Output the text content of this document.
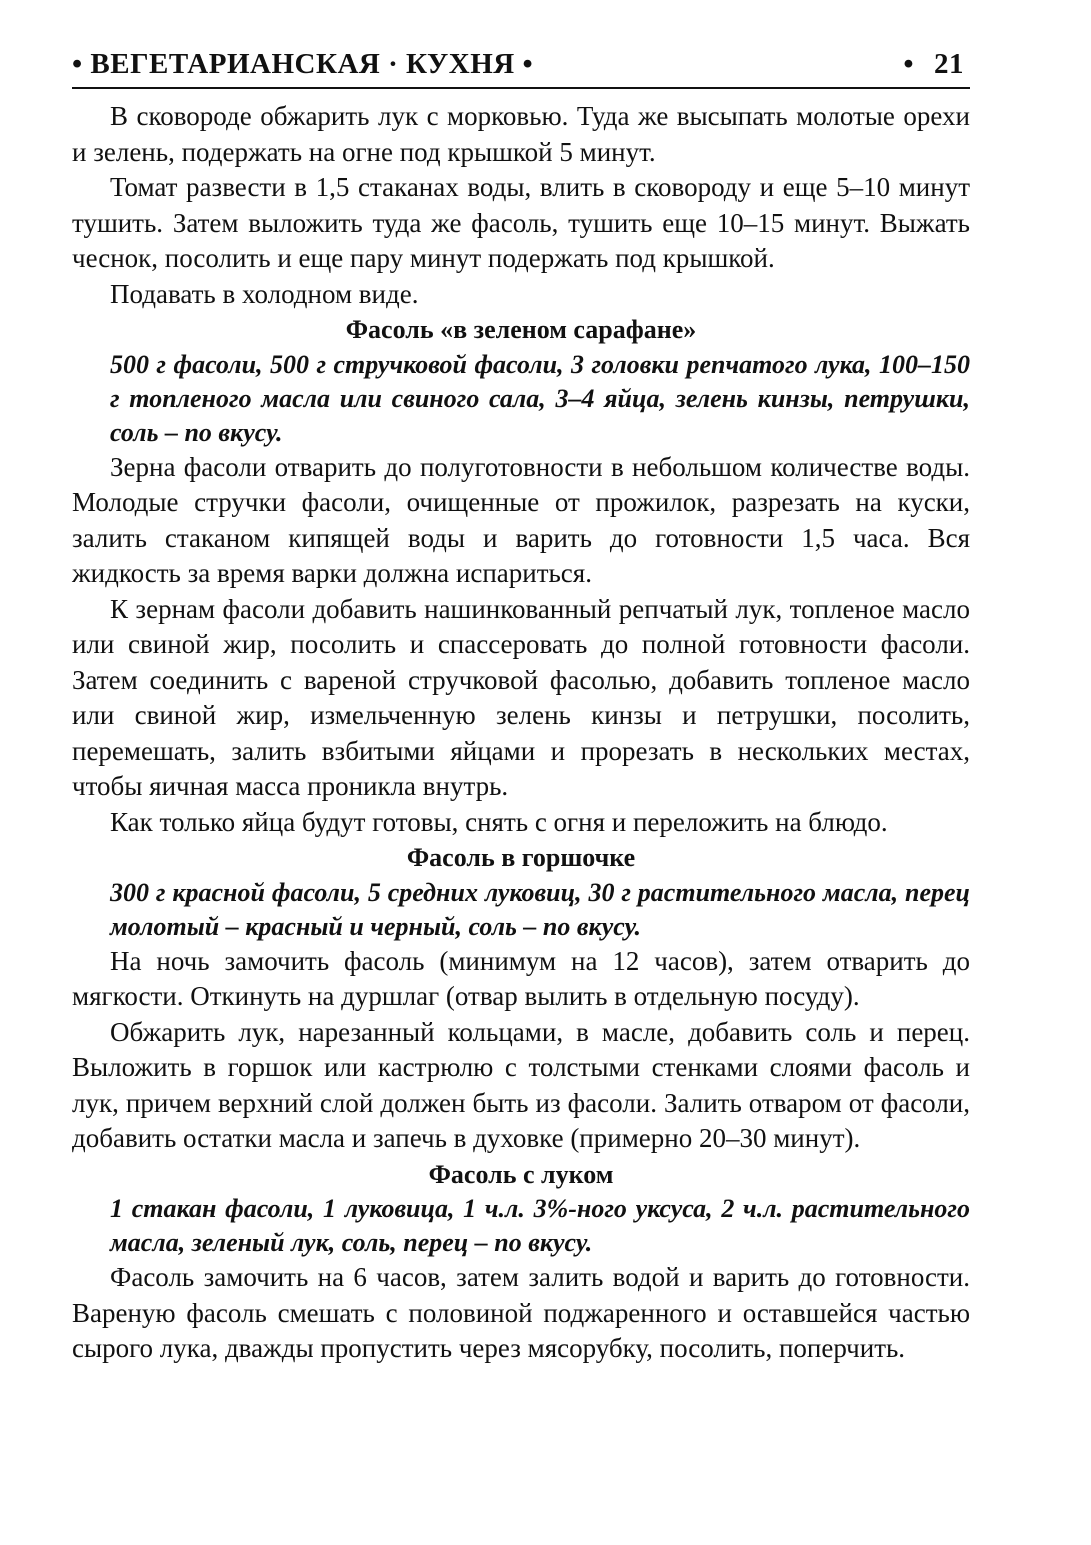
• ВЕГЕТАРИАНСКАЯ · КУХНЯ •	• 21

В сковороде обжарить лук с морковью. Туда же высыпать молотые орехи и зелень, подержать на огне под крышкой 5 минут.

Томат развести в 1,5 стаканах воды, влить в сковороду и еще 5–10 минут тушить. Затем выложить туда же фасоль, тушить еще 10–15 минут. Выжать чеснок, посолить и еще пару минут подержать под крышкой.

Подавать в холодном виде.

Фасоль «в зеленом сарафане»

500 г фасоли, 500 г стручковой фасоли, 3 головки репчатого лука, 100–150 г топленого масла или свиного сала, 3–4 яйца, зелень кинзы, петрушки, соль – по вкусу.

Зерна фасоли отварить до полуготовности в небольшом количестве воды. Молодые стручки фасоли, очищенные от прожилок, разрезать на куски, залить стаканом кипящей воды и варить до готовности 1,5 часа. Вся жидкость за время варки должна испариться.

К зернам фасоли добавить нашинкованный репчатый лук, топленое масло или свиной жир, посолить и спассеровать до полной готовности фасоли. Затем соединить с вареной стручковой фасолью, добавить топленое масло или свиной жир, измельченную зелень кинзы и петрушки, посолить, перемешать, залить взбитыми яйцами и прорезать в нескольких местах, чтобы яичная масса проникла внутрь.

Как только яйца будут готовы, снять с огня и переложить на блюдо.

Фасоль в горшочке

300 г красной фасоли, 5 средних луковиц, 30 г растительного масла, перец молотый – красный и черный, соль – по вкусу.

На ночь замочить фасоль (минимум на 12 часов), затем отварить до мягкости. Откинуть на дуршлаг (отвар вылить в отдельную посуду).

Обжарить лук, нарезанный кольцами, в масле, добавить соль и перец. Выложить в горшок или кастрюлю с толстыми стенками слоями фасоль и лук, причем верхний слой должен быть из фасоли. Залить отваром от фасоли, добавить остатки масла и запечь в духовке (примерно 20–30 минут).

Фасоль с луком

1 стакан фасоли, 1 луковица, 1 ч.л. 3%-ного уксуса, 2 ч.л. растительного масла, зеленый лук, соль, перец – по вкусу.

Фасоль замочить на 6 часов, затем залить водой и варить до готовности. Вареную фасоль смешать с половиной поджаренного и оставшейся частью сырого лука, дважды пропустить через мясорубку, посолить, поперчить.
